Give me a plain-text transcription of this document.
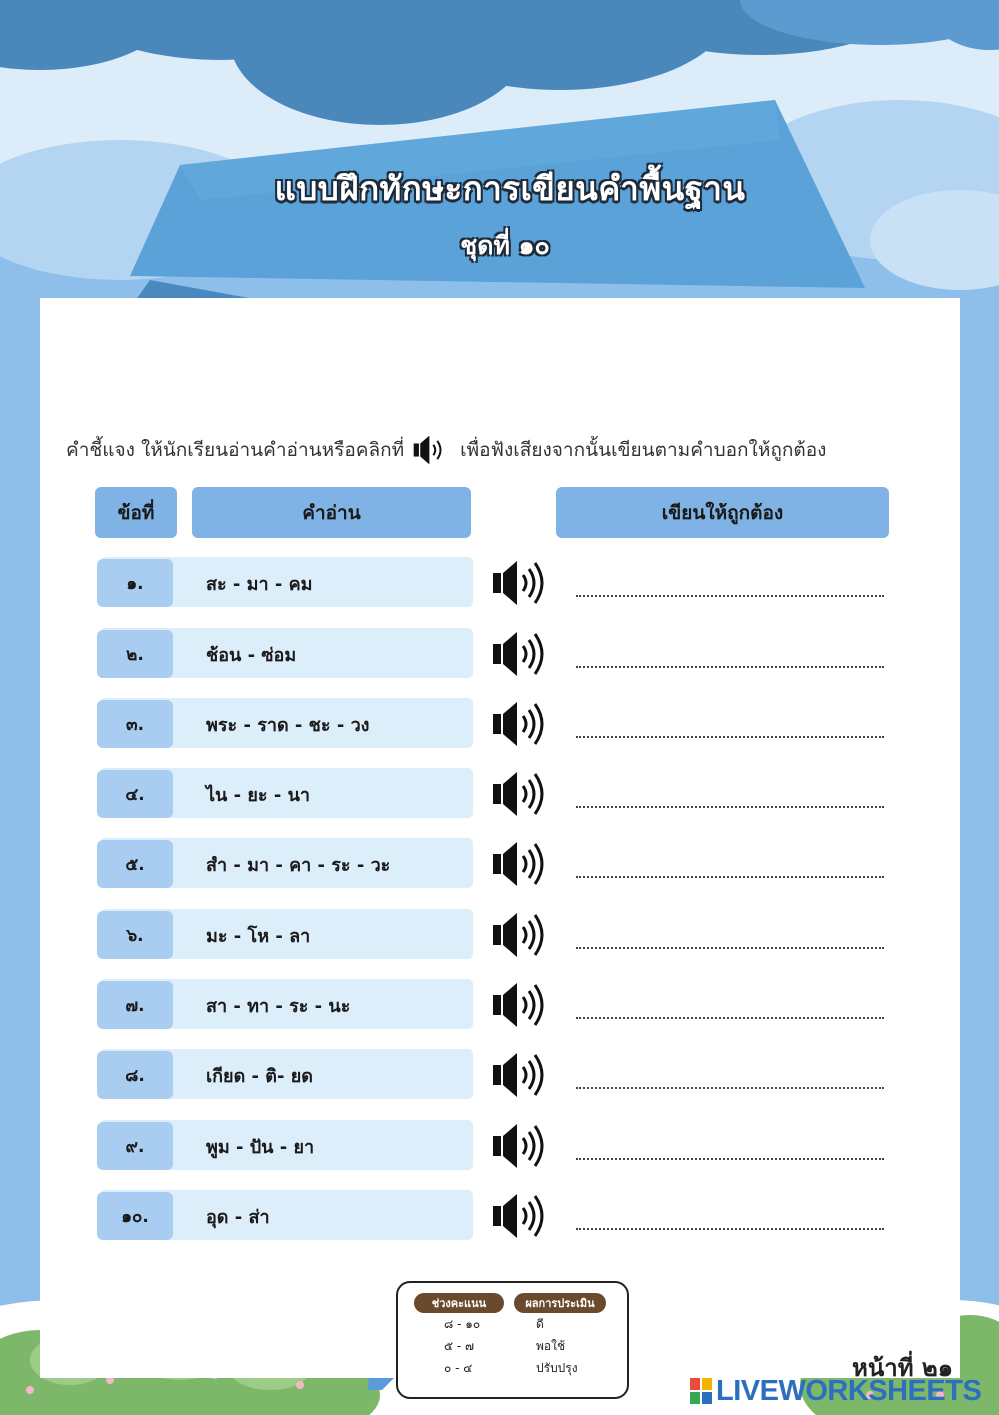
แบบฝึกทักษะการเขียนคำพื้นฐาน
ชุดที่ ๑๐
คำชี้แจง ให้นักเรียนอ่านคำอ่านหรือคลิกที่	เพื่อฟังเสียงจากนั้นเขียนตามคำบอกให้ถูกต้อง
ข้อที่	คำอ่าน	เขียนให้ถูกต้อง
๑.	สะ - มา - คม
๒.	ช้อน - ซ่อม
๓.	พระ - ราด - ชะ - วง
๔.	ไน - ยะ - นา
๕.	สำ - มา - คา - ระ - วะ
๖.	มะ - โห - ลา
๗.	สา - ทา - ระ - นะ
๘.	เกียด - ติ- ยด
๙.	พูม - ปัน - ยา
๑๐.	อุด - ส่า
ช่วงคะแนน	ผลการประเมิน
๘ - ๑๐	ดี
๕ - ๗	พอใช้
๐ - ๔	ปรับปรุง	หน้าที่ ๒๑
LIVEWORKSHEETS
